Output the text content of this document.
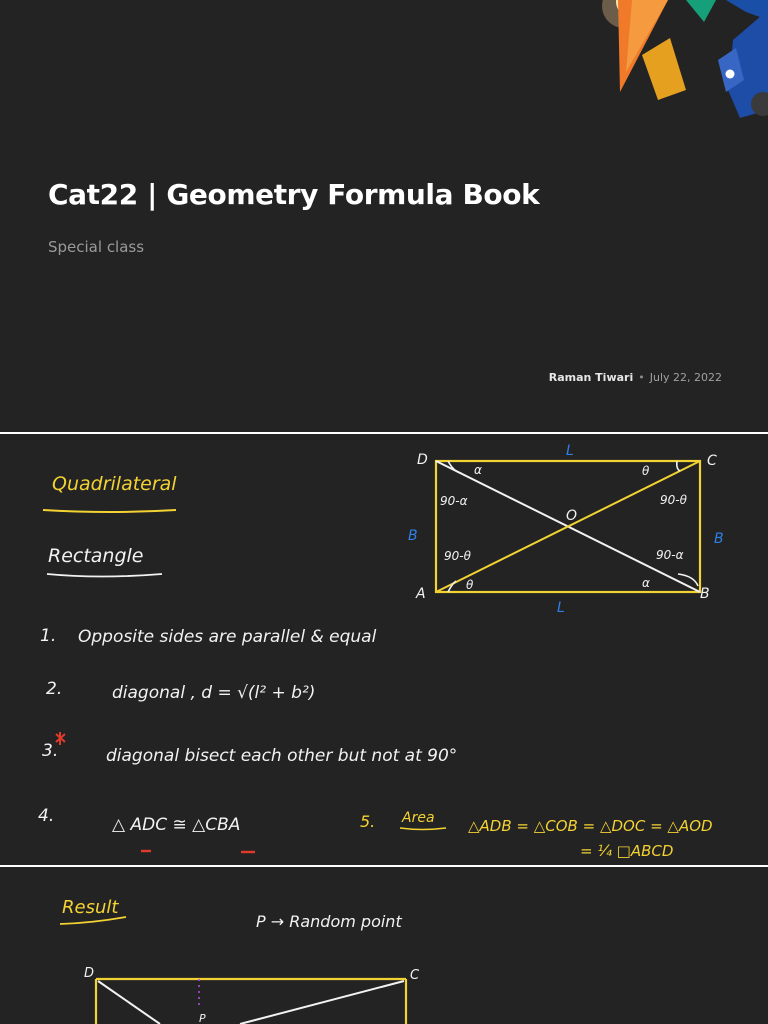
Cat22 | Geometry Formula Book
Special class
Raman Tiwari • July 22, 2022
Quadrilateral
Rectangle
D	C
A	B
O
L
L
B	B
α
90-α
θ
90-θ
90-θ
θ
90-α
α
1. Opposite sides are parallel & equal
2.	diagonal , d = √(l² + b²)
3.	diagonal bisect each other but not at 90°
4.	△ ADC ≅ △CBA	5. Area △ADB = △COB = △DOC = △AOD
= ¼ □ABCD
Result
P → Random point
D	C
P
